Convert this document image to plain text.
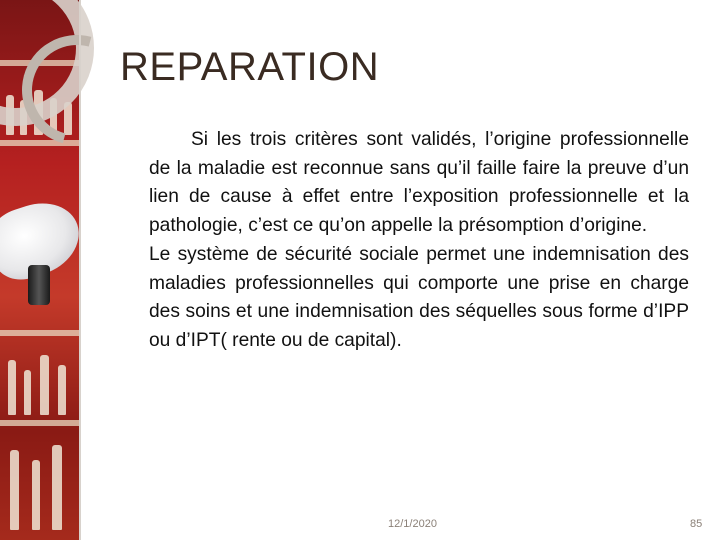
REPARATION

Si les trois critères sont validés, l’origine professionnelle de la maladie est reconnue sans qu’il faille faire la preuve d’un lien de cause à effet entre l’exposition professionnelle et la pathologie, c’est ce qu’on appelle la présomption d’origine.

Le système de sécurité sociale permet une indemnisation des maladies professionnelles qui comporte une prise en charge des soins et une indemnisation des séquelles sous forme d’IPP ou d’IPT( rente ou de capital).

12/1/2020	85
